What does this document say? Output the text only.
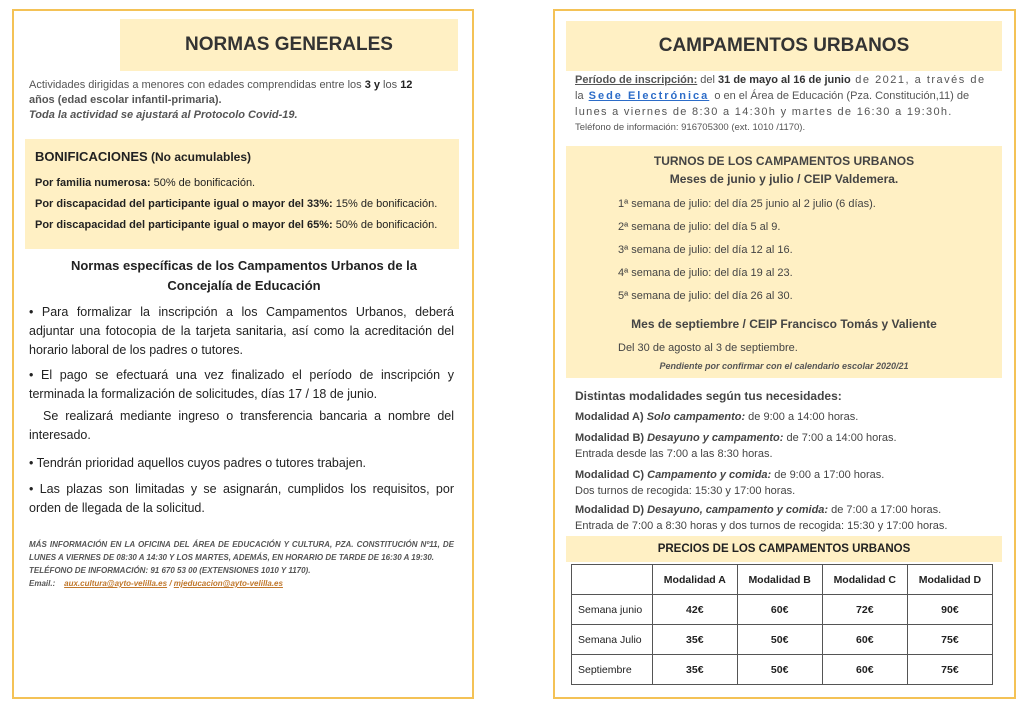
NORMAS GENERALES
Actividades dirigidas a menores con edades comprendidas entre los 3 y los 12
años (edad escolar infantil-primaria).
Toda la actividad se ajustará al Protocolo Covid-19.
BONIFICACIONES (No acumulables)
Por familia numerosa: 50% de bonificación.
Por discapacidad del participante igual o mayor del 33%: 15% de bonificación.
Por discapacidad del participante igual o mayor del 65%: 50% de bonificación.
Normas específicas de los Campamentos Urbanos de la
Concejalía de Educación
• Para formalizar la inscripción a los Campamentos Urbanos, deberá adjuntar una fotocopia de la tarjeta sanitaria, así como la acreditación del horario laboral de los padres o tutores.
• El pago se efectuará una vez finalizado el período de inscripción y terminada la formalización de solicitudes, días 17 / 18 de junio.
Se realizará mediante ingreso o transferencia bancaria a nombre del interesado.
• Tendrán prioridad aquellos cuyos padres o tutores trabajen.
• Las plazas son limitadas y se asignarán, cumplidos los requisitos, por orden de llegada de la solicitud.
MÁS INFORMACIÓN EN LA OFICINA DEL ÁREA DE EDUCACIÓN Y CULTURA, PZA. CONSTITUCIÓN Nº11, DE LUNES A VIERNES DE 08:30 A 14:30 Y LOS MARTES, ADEMÁS, EN HORARIO DE TARDE DE 16:30 A 19:30.
TELÉFONO DE INFORMACIÓN: 91 670 53 00 (EXTENSIONES 1010 Y 1170).
Email.: aux.cultura@ayto-velilla.es / mjeducacion@ayto-velilla.es
CAMPAMENTOS URBANOS
Período de inscripción: del 31 de mayo al 16 de junio de 2021, a través de
la Sede Electrónica o en el Área de Educación (Pza. Constitución,11) de
lunes a viernes de 8:30 a 14:30h y martes de 16:30 a 19:30h.
Teléfono de información: 916705300 (ext. 1010 /1170).
TURNOS DE LOS CAMPAMENTOS URBANOS
Meses de junio y julio / CEIP Valdemera.
1ª semana de julio: del día 25 junio al 2 julio (6 días).
2ª semana de julio: del día 5 al 9.
3ª semana de julio: del día 12 al 16.
4ª semana de julio: del día 19 al 23.
5ª semana de julio: del día 26 al 30.
Mes de septiembre / CEIP Francisco Tomás y Valiente
Del 30 de agosto al 3 de septiembre.
Pendiente por confirmar con el calendario escolar 2020/21
Distintas modalidades según tus necesidades:
Modalidad A) Solo campamento: de 9:00 a 14:00 horas.
Modalidad B) Desayuno y campamento: de 7:00 a 14:00 horas.
Entrada desde las 7:00 a las 8:30 horas.
Modalidad C) Campamento y comida: de 9:00 a 17:00 horas.
Dos turnos de recogida: 15:30 y 17:00 horas.
Modalidad D) Desayuno, campamento y comida: de 7:00 a 17:00 horas.
Entrada de 7:00 a 8:30 horas y dos turnos de recogida: 15:30 y 17:00 horas.
PRECIOS DE LOS CAMPAMENTOS URBANOS
	Modalidad A	Modalidad B	Modalidad C	Modalidad D
Semana junio	42€	60€	72€	90€
Semana Julio	35€	50€	60€	75€
Septiembre	35€	50€	60€	75€
